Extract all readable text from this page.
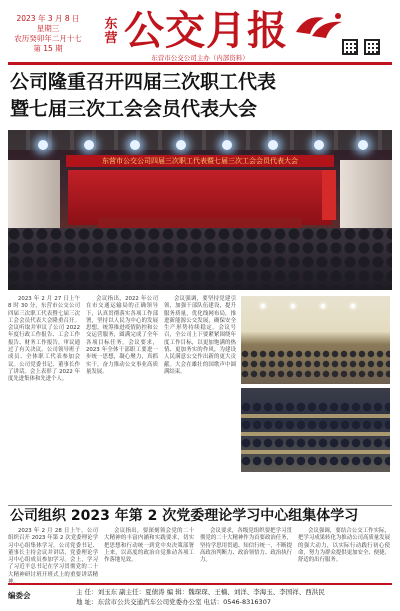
2023 年 3 月 8 日
星期三
农历癸卯年二月十七
第 15 期
东营 公交月报
东营市公交公司主办（内部资料）
公司隆重召开四届三次职工代表
暨七届三次工会会员代表大会
东营市公交公司四届三次职工代表暨七届三次工会会员代表大会

2023 年 2 月 27 日上午 8 时 30 分，东营市公交公司四届三次职工代表暨七届三次工会会员代表大会隆重召开。会议听取并审议了公司 2022 年度行政工作报告、工会工作报告、财务工作报告，审议通过了有关决议。公司领导班子成员、全体职工代表参加会议。公司党委书记、董事长作了讲话。会上表彰了 2022 年度先进集体和先进个人。

会议指出，2022 年公司在市交通运输局的正确领导下，认真贯彻落实各项工作部署，坚持以人民为中心的发展思想，统筹推进疫情防控和公交运营服务，圆满完成了全年各项目标任务。会议要求，2023 年全体干部职工要进一步统一思想，凝心聚力，真抓实干，奋力推动公交事业高质量发展。

会议强调，要坚持党建引领，加强干部队伍建设，提升服务质量，优化线网布局，推进新能源公交发展，确保安全生产形势持续稳定。会议号召，全公司上下要紧紧围绕年度工作目标，以更加饱满的热情、更加务实的作风，为建设人民满意公交作出新的更大贡献。大会在雄壮的国歌声中圆满结束。

公司组织 2023 年第 2 次党委理论学习中心组集体学习

2023 年 2 月 28 日上午，公司组织召开 2023 年第 2 次党委理论学习中心组集体学习。公司党委书记、董事长主持会议并讲话，党委理论学习中心组成员参加学习。会上，学习了习近平总书记在学习贯彻党的二十大精神研讨班开班式上的重要讲话精

会议指出，要深刻领会党的二十大精神的丰富内涵和实践要求，切实把思想和行动统一到党中央决策部署上来，以高度的政治自觉推动各项工作落地见效。

会议要求，各级党组织要把学习贯彻党的二十大精神作为首要政治任务，坚持学思用贯通、知信行统一，不断提高政治判断力、政治领悟力、政治执行力。

会议强调，要结合公交工作实际，把学习成果转化为推动公司高质量发展的强大动力，以实际行动践行初心使命，努力为群众提供更加安全、便捷、舒适的出行服务。

编委会	主 任：刘玉东 副主任：夏债涛 编 辑：魏琛琛、王楠、刘洋、李海玉、李国祥、西洪民
地 址：东营市公共交通汽车公司党委办公室 电话：0546-8316307
